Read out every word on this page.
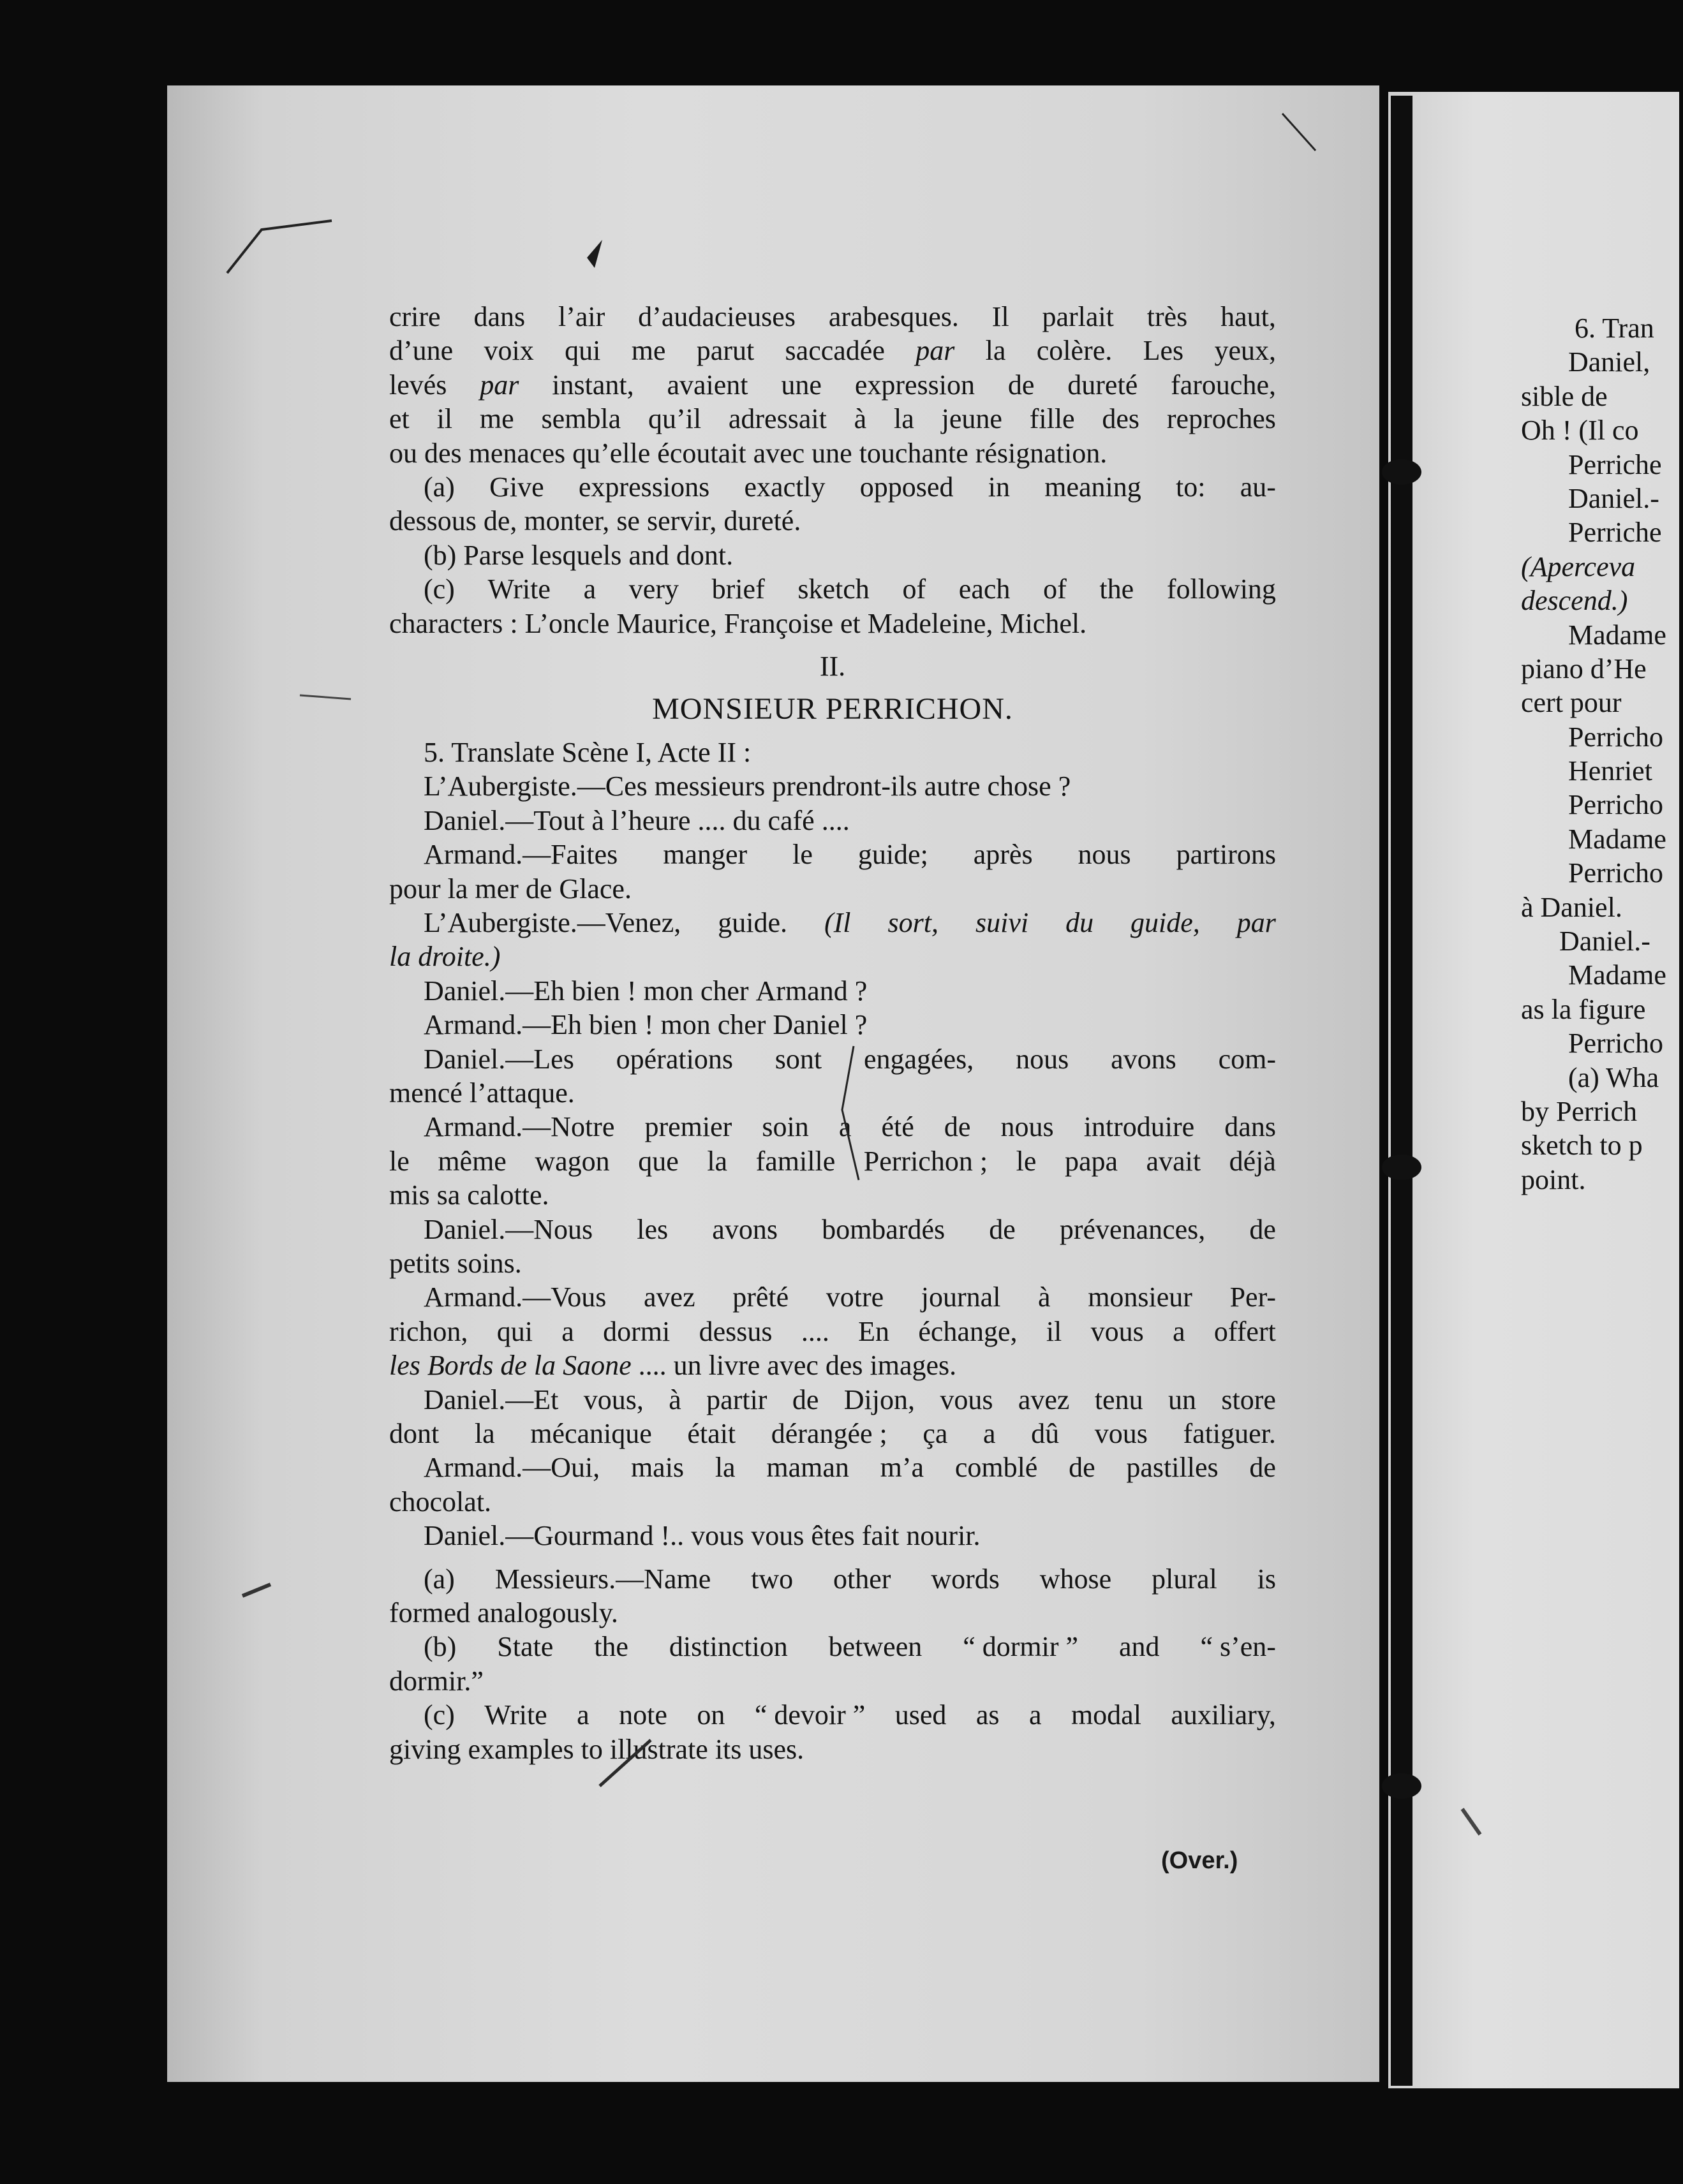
crire dans l’air d’audacieuses arabesques. Il parlait très haut,
d’une voix qui me parut saccadée par la colère. Les yeux,
levés par instant, avaient une expression de dureté farouche,
et il me sembla qu’il adressait à la jeune fille des reproches
ou des menaces qu’elle écoutait avec une touchante résignation.
(a) Give expressions exactly opposed in meaning to: au-
dessous de, monter, se servir, dureté.
(b) Parse lesquels and dont.
(c) Write a very brief sketch of each of the following
characters : L’oncle Maurice, Françoise et Madeleine, Michel.
II.
MONSIEUR PERRICHON.
5. Translate Scène I, Acte II :
L’Aubergiste.—Ces messieurs prendront-ils autre chose ?
Daniel.—Tout à l’heure .... du café ....
Armand.—Faites manger le guide; après nous partirons
pour la mer de Glace.
L’Aubergiste.—Venez, guide. (Il sort, suivi du guide, par
la droite.)
Daniel.—Eh bien ! mon cher Armand ?
Armand.—Eh bien ! mon cher Daniel ?
Daniel.—Les opérations sont engagées, nous avons com-
mencé l’attaque.
Armand.—Notre premier soin a été de nous introduire dans
le même wagon que la famille Perrichon ; le papa avait déjà
mis sa calotte.
Daniel.—Nous les avons bombardés de prévenances, de
petits soins.
Armand.—Vous avez prêté votre journal à monsieur Per-
richon, qui a dormi dessus .... En échange, il vous a offert
les Bords de la Saone .... un livre avec des images.
Daniel.—Et vous, à partir de Dijon, vous avez tenu un store
dont la mécanique était dérangée ; ça a dû vous fatiguer.
Armand.—Oui, mais la maman m’a comblé de pastilles de
chocolat.
Daniel.—Gourmand !.. vous vous êtes fait nourir.
(a) Messieurs.—Name two other words whose plural is
formed analogously.
(b) State the distinction between “ dormir ” and “ s’en-
dormir.”
(c) Write a note on “ devoir ” used as a modal auxiliary,
giving examples to illustrate its uses.
(Over.)
6. Tran
Daniel,
sible de
Oh ! (Il co
Perriche
Daniel.-
Perriche
(Aperceva
descend.)
Madame
piano d’He
cert pour
Perricho
Henriet
Perricho
Madame
Perricho
à Daniel.
Daniel.-
Madame
as la figure
Perricho
(a) Wha
by Perrich
sketch to p
point.
